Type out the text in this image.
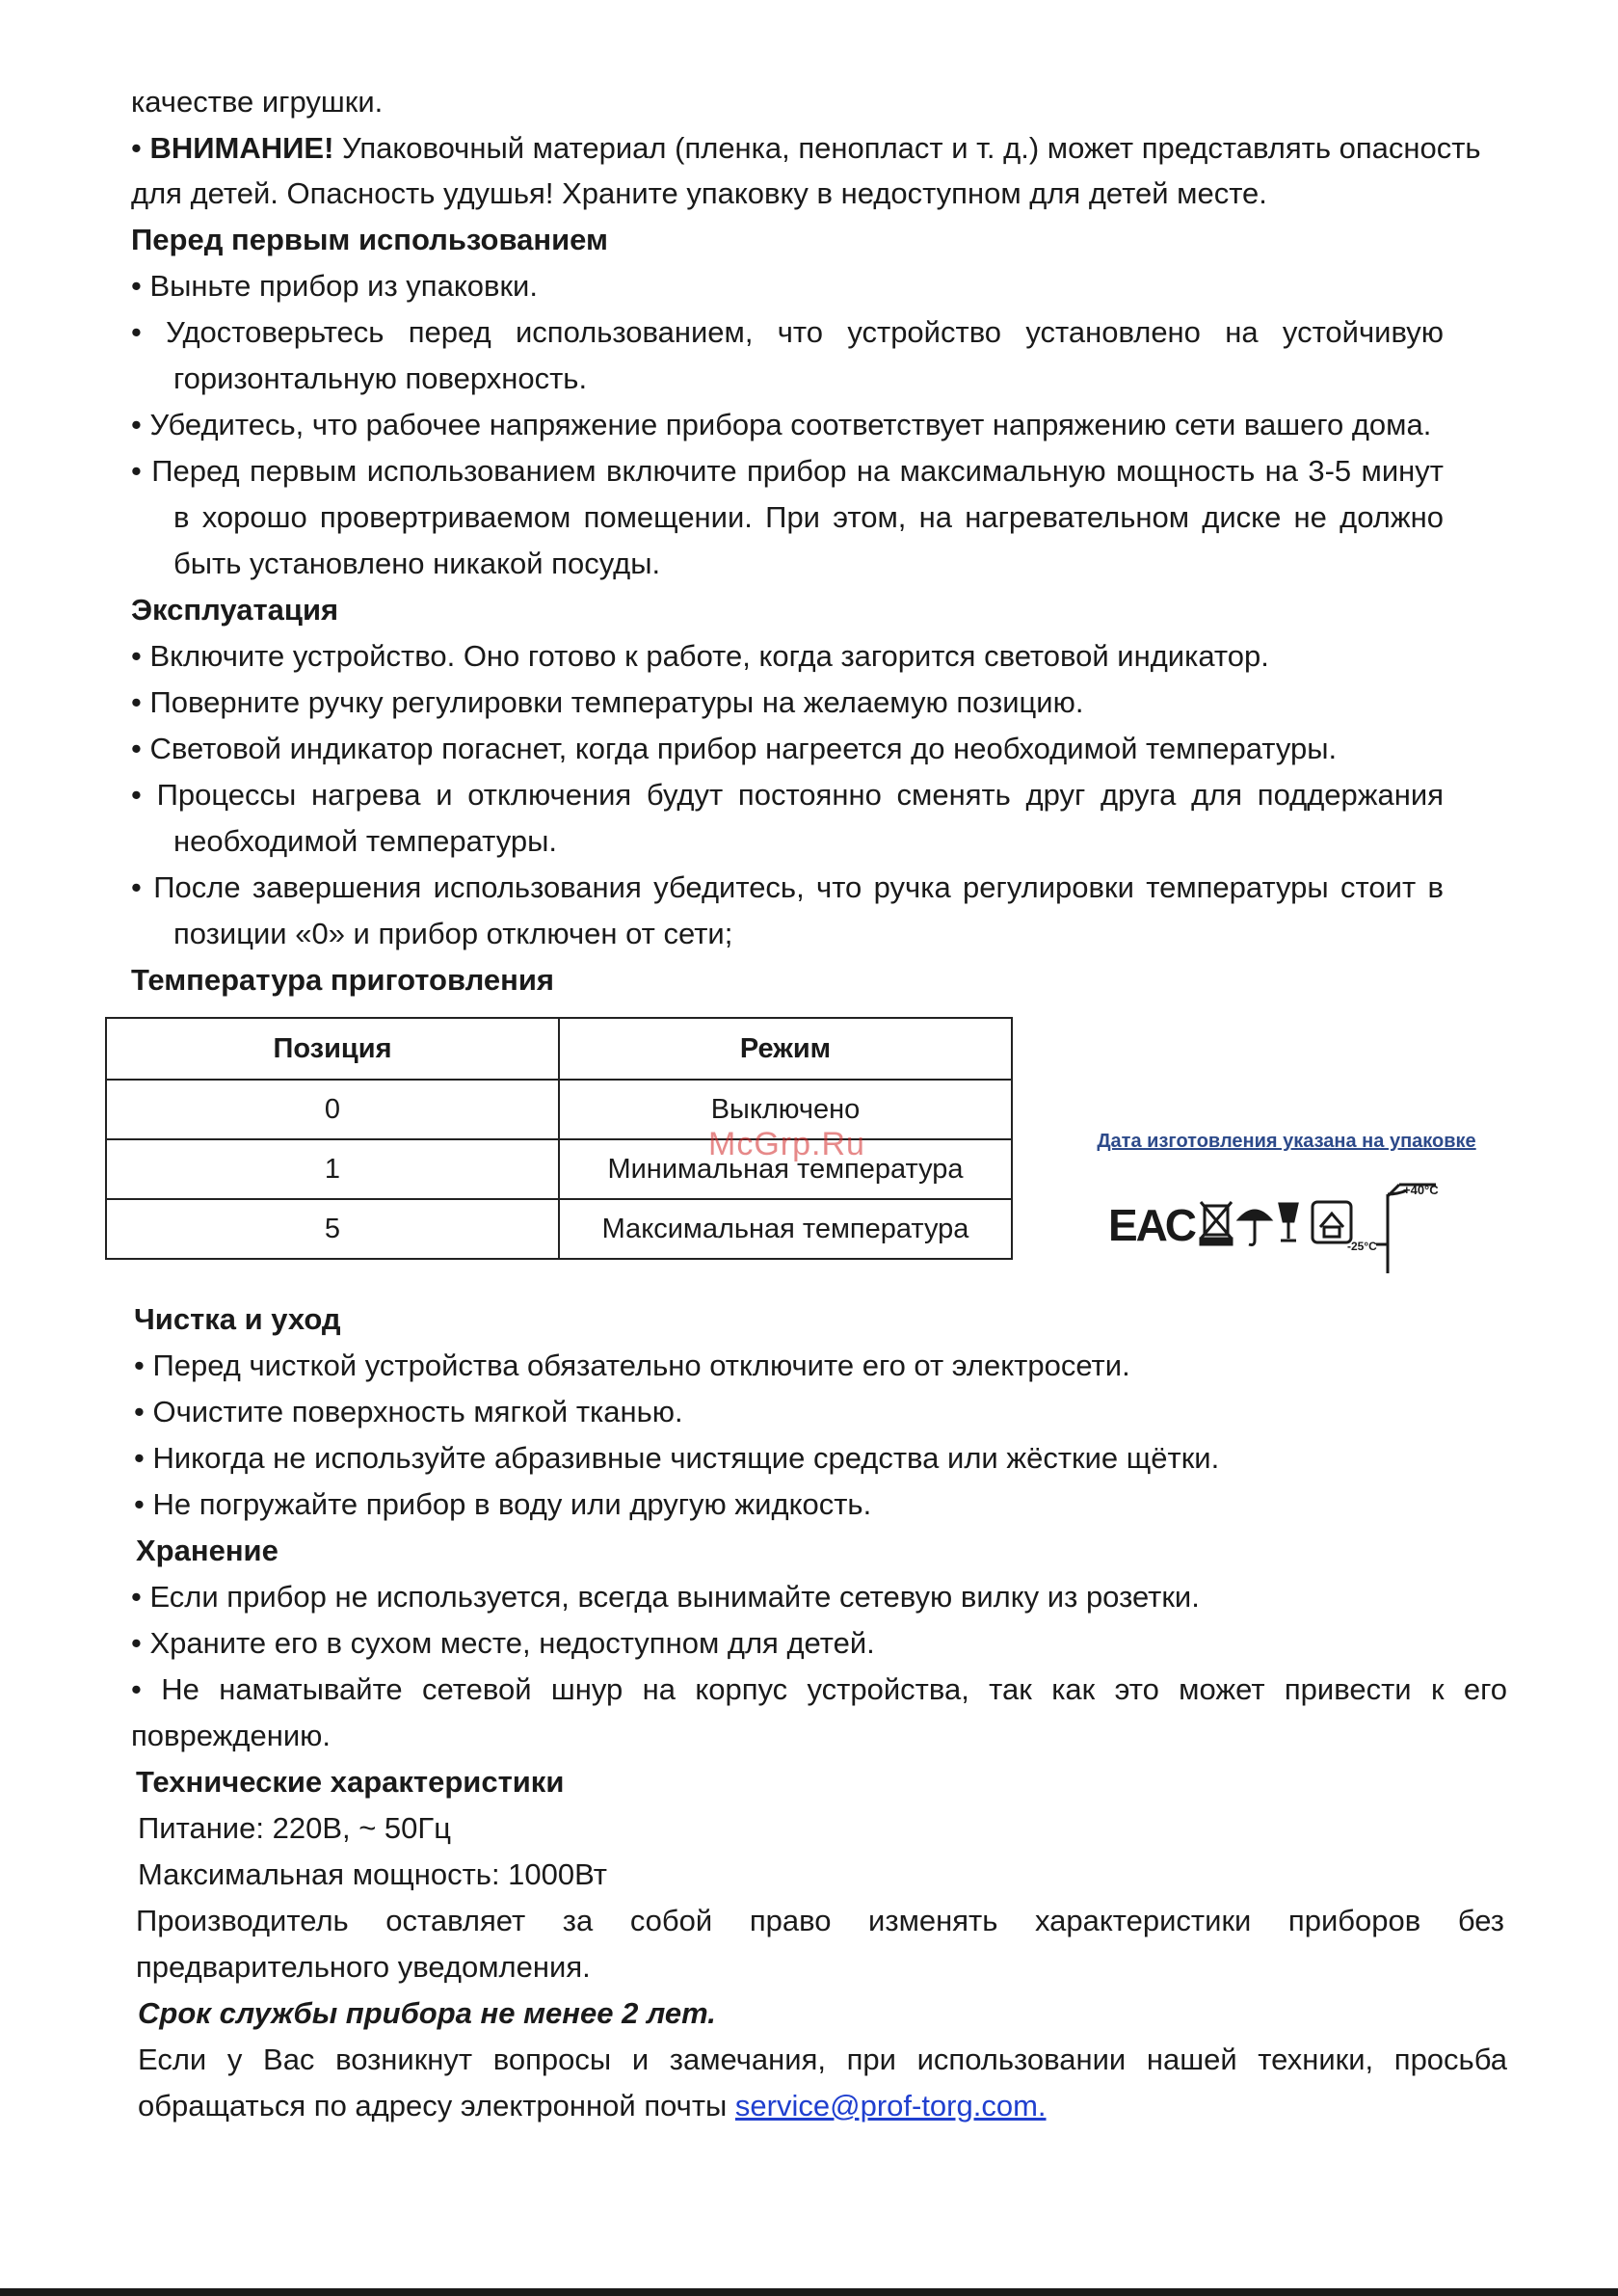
качестве игрушки.

• ВНИМАНИЕ! Упаковочный материал (пленка, пенопласт и т. д.) может представлять опасность

для детей. Опасность удушья! Храните упаковку в недоступном для детей месте.

Перед первым использованием

• Выньте прибор из упаковки.

• Удостоверьтесь перед использованием, что устройство установлено на устойчивую

горизонтальную поверхность.

• Убедитесь, что рабочее напряжение прибора соответствует напряжению сети вашего дома.

• Перед первым использованием включите прибор на максимальную мощность на 3-5 минут

в хорошо провертриваемом помещении. При этом, на нагревательном диске не должно

быть установлено никакой посуды.

Эксплуатация

• Включите устройство. Оно готово к работе, когда загорится световой индикатор.

• Поверните ручку регулировки температуры на желаемую позицию.

• Световой индикатор погаснет, когда прибор нагреется до необходимой температуры.

• Процессы нагрева и отключения будут постоянно сменять друг друга для поддержания

необходимой температуры.

• После завершения использования убедитесь, что ручка регулировки температуры стоит в

позиции «0» и прибор отключен от сети;

Температура приготовления

Позиция	Режим
0	Выключено
1	Минимальная температура
5	Максимальная температура
McGrp.Ru	Дата изготовления указана на упаковке
ЕАС
+40°C
-25°C

Чистка и уход

• Перед чисткой устройства обязательно отключите его от электросети.

• Очистите поверхность мягкой тканью.

• Никогда не используйте абразивные чистящие средства или жёсткие щётки.

• Не погружайте прибор в воду или другую жидкость.

Хранение

• Если прибор не используется, всегда вынимайте сетевую вилку из розетки.

• Храните его в сухом месте, недоступном для детей.

• Не наматывайте сетевой шнур на корпус устройства, так как это может привести к его

повреждению.

Технические характеристики

Питание: 220В, ~ 50Гц

Максимальная мощность: 1000Вт

Производитель оставляет за собой право изменять характеристики приборов без

предварительного уведомления.

Срок службы прибора не менее 2 лет.

Если у Вас возникнут вопросы и замечания, при использовании нашей техники, просьба

обращаться по адресу электронной почты service@prof-torg.com.
